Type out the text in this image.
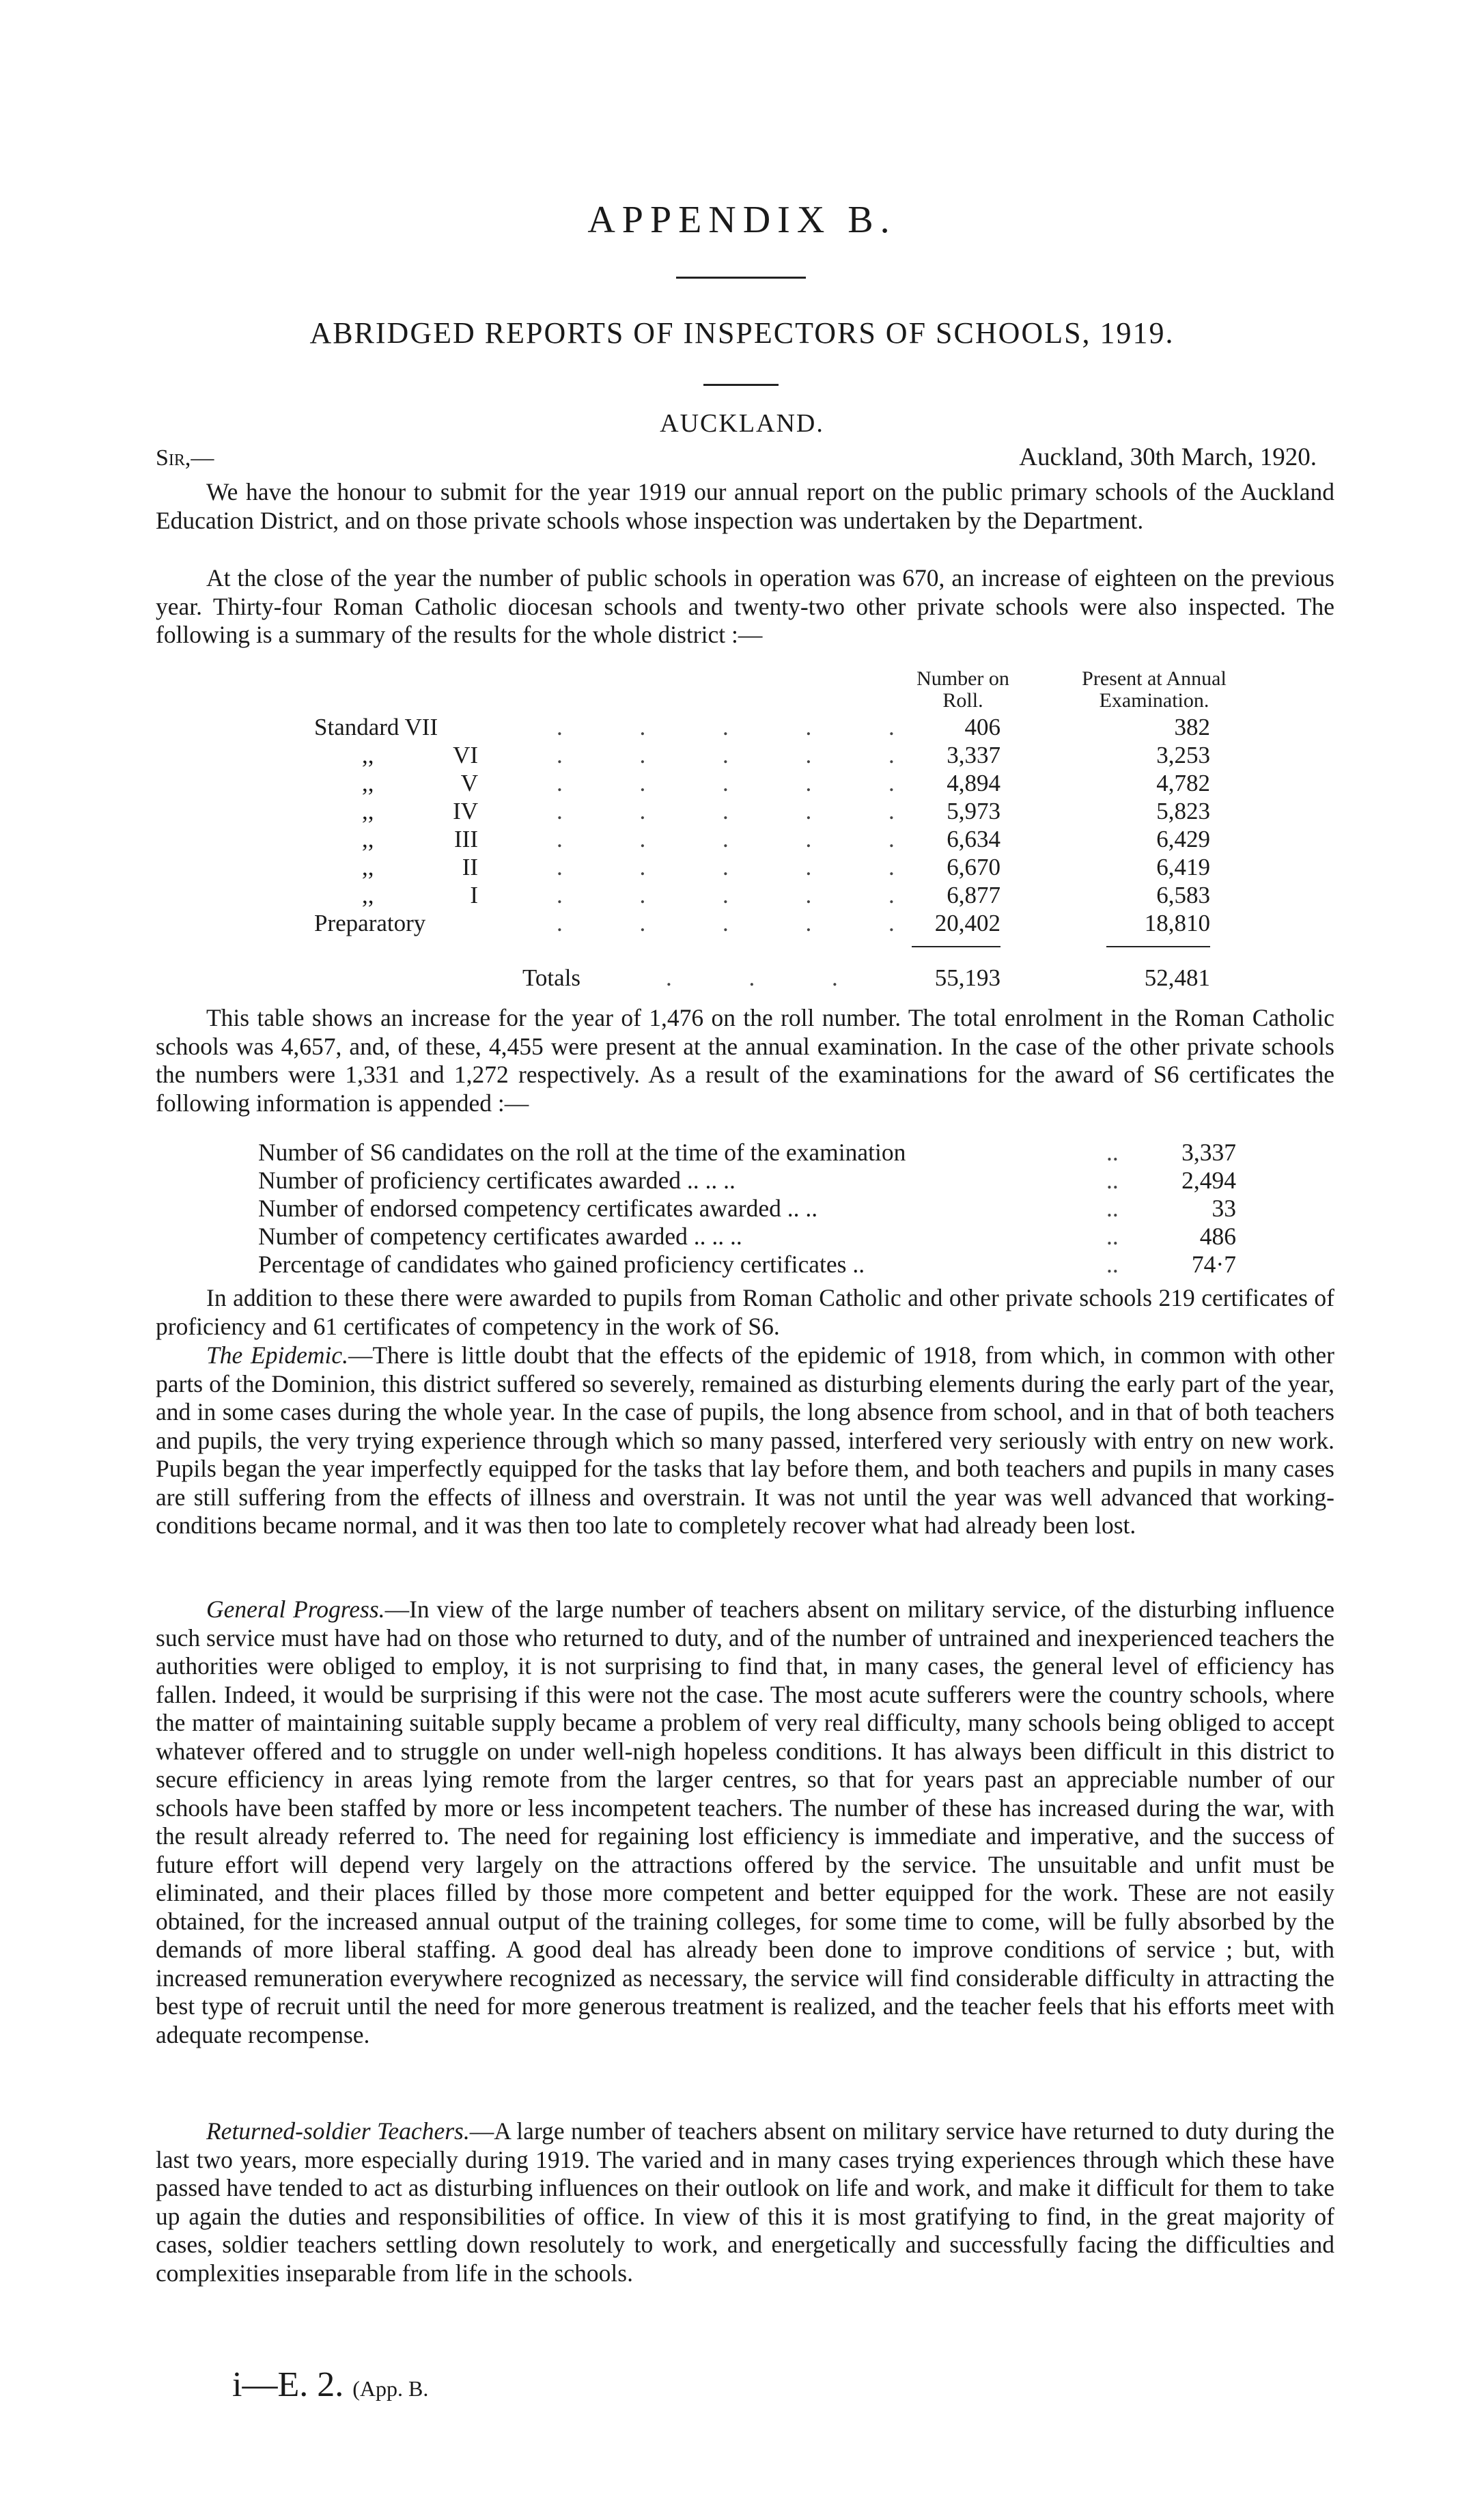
APPENDIX B.
ABRIDGED REPORTS OF INSPECTORS OF SCHOOLS, 1919.
AUCKLAND.
Sir,—	Auckland, 30th March, 1920.
We have the honour to submit for the year 1919 our annual report on the public primary schools of the Auckland Education District, and on those private schools whose inspection was undertaken by the Department.
At the close of the year the number of public schools in operation was 670, an increase of eighteen on the previous year. Thirty-four Roman Catholic diocesan schools and twenty-two other private schools were also inspected. The following is a summary of the results for the whole district :—
Number on Roll.
Present at Annual Examination.
Standard VII	. . . . .	406	382
,,	VI	. . . . . 3,337	3,253
,,	V	. . . . . 4,894	4,782
,,	IV	. . . . . 5,973	5,823
,,	III	. . . . . 6,634	6,429
,,	II	. . . . . 6,670	6,419
,,	I	. . . . . 6,877	6,583
Preparatory	. . . . . 20,402	18,810
Totals	. . .	55,193	52,481
This table shows an increase for the year of 1,476 on the roll number. The total enrolment in the Roman Catholic schools was 4,657, and, of these, 4,455 were present at the annual examination. In the case of the other private schools the numbers were 1,331 and 1,272 respectively. As a result of the examinations for the award of S6 certificates the following information is appended :—
Number of S6 candidates on the roll at the time of the examination	..	3,337
Number of proficiency certificates awarded .. .. ..	..	2,494
Number of endorsed competency certificates awarded .. ..	..	33
Number of competency certificates awarded .. .. ..	..	486
Percentage of candidates who gained proficiency certificates ..	..	74·7
In addition to these there were awarded to pupils from Roman Catholic and other private schools 219 certificates of proficiency and 61 certificates of competency in the work of S6.
The Epidemic.—There is little doubt that the effects of the epidemic of 1918, from which, in common with other parts of the Dominion, this district suffered so severely, remained as disturbing elements during the early part of the year, and in some cases during the whole year. In the case of pupils, the long absence from school, and in that of both teachers and pupils, the very trying experience through which so many passed, interfered very seriously with entry on new work. Pupils began the year imperfectly equipped for the tasks that lay before them, and both teachers and pupils in many cases are still suffering from the effects of illness and overstrain. It was not until the year was well advanced that working-conditions became normal, and it was then too late to completely recover what had already been lost.
General Progress.—In view of the large number of teachers absent on military service, of the disturbing influence such service must have had on those who returned to duty, and of the number of untrained and inexperienced teachers the authorities were obliged to employ, it is not surprising to find that, in many cases, the general level of efficiency has fallen. Indeed, it would be surprising if this were not the case. The most acute sufferers were the country schools, where the matter of maintaining suitable supply became a problem of very real difficulty, many schools being obliged to accept whatever offered and to struggle on under well-nigh hopeless conditions. It has always been difficult in this district to secure efficiency in areas lying remote from the larger centres, so that for years past an appreciable number of our schools have been staffed by more or less incompetent teachers. The number of these has increased during the war, with the result already referred to. The need for regaining lost efficiency is immediate and imperative, and the success of future effort will depend very largely on the attractions offered by the service. The unsuitable and unfit must be eliminated, and their places filled by those more competent and better equipped for the work. These are not easily obtained, for the increased annual output of the training colleges, for some time to come, will be fully absorbed by the demands of more liberal staffing. A good deal has already been done to improve conditions of service ; but, with increased remuneration everywhere recognized as necessary, the service will find considerable difficulty in attracting the best type of recruit until the need for more generous treatment is realized, and the teacher feels that his efforts meet with adequate recompense.
Returned-soldier Teachers.—A large number of teachers absent on military service have returned to duty during the last two years, more especially during 1919. The varied and in many cases trying experiences through which these have passed have tended to act as disturbing influences on their outlook on life and work, and make it difficult for them to take up again the duties and responsibilities of office. In view of this it is most gratifying to find, in the great majority of cases, soldier teachers settling down resolutely to work, and energetically and successfully facing the difficulties and complexities inseparable from life in the schools.
i—E. 2. (App. B.
